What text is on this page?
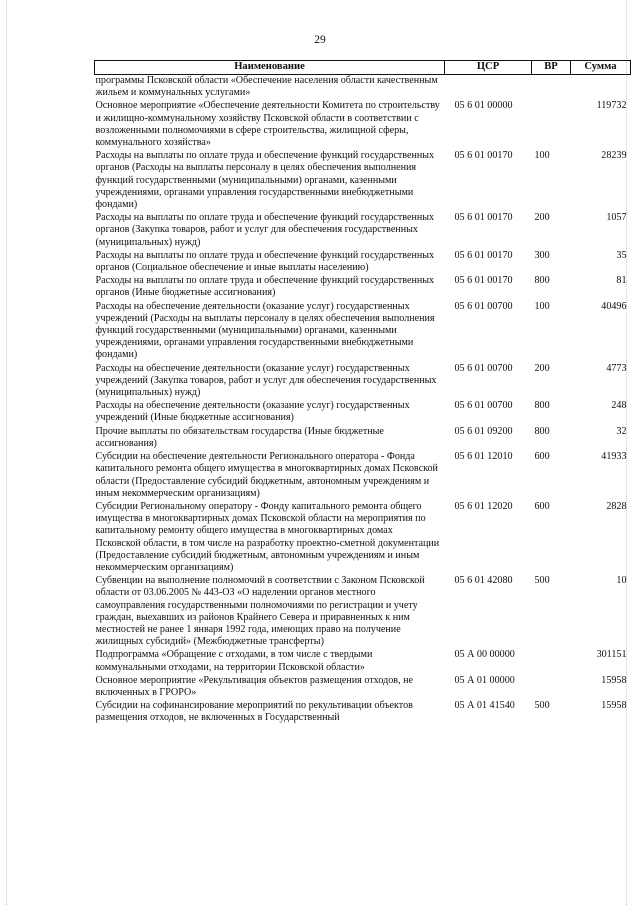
29
Наименование	ЦСР	ВР	Сумма
программы Псковской области «Обеспечение населения области качественным жильем и коммунальных услугами»			
Основное мероприятие «Обеспечение деятельности Комитета по строительству и жилищно-коммунальному хозяйству Псковской области в соответствии с возложенными полномочиями в сфере строительства, жилищной сферы, коммунального хозяйства»	05 6 01 00000		119732
Расходы на выплаты по оплате труда и обеспечение функций государственных органов (Расходы на выплаты персоналу в целях обеспечения выполнения функций государственными (муниципальными) органами, казенными учреждениями, органами управления государственными внебюджетными фондами)	05 6 01 00170	100	28239
Расходы на выплаты по оплате труда и обеспечение функций государственных органов (Закупка товаров, работ и услуг для обеспечения государственных (муниципальных) нужд)	05 6 01 00170	200	1057
Расходы на выплаты по оплате труда и обеспечение функций государственных органов (Социальное обеспечение и иные выплаты населению)	05 6 01 00170	300	35
Расходы на выплаты по оплате труда и обеспечение функций государственных органов (Иные бюджетные ассигнования)	05 6 01 00170	800	81
Расходы на обеспечение деятельности (оказание услуг) государственных учреждений (Расходы на выплаты персоналу в целях обеспечения выполнения функций государственными (муниципальными) органами, казенными учреждениями, органами управления государственными внебюджетными фондами)	05 6 01 00700	100	40496
Расходы на обеспечение деятельности (оказание услуг) государственных учреждений (Закупка товаров, работ и услуг для обеспечения государственных (муниципальных) нужд)	05 6 01 00700	200	4773
Расходы на обеспечение деятельности (оказание услуг) государственных учреждений (Иные бюджетные ассигнования)	05 6 01 00700	800	248
Прочие выплаты по обязательствам государства (Иные бюджетные ассигнования)	05 6 01 09200	800	32
Субсидии на обеспечение деятельности Регионального оператора - Фонда капитального ремонта общего имущества в многоквартирных домах Псковской области (Предоставление субсидий бюджетным, автономным учреждениям и иным некоммерческим организациям)	05 6 01 12010	600	41933
Субсидии Региональному оператору - Фонду капитального ремонта общего имущества в многоквартирных домах Псковской области на мероприятия по капитальному ремонту общего имущества в многоквартирных домах Псковской области, в том числе на разработку проектно-сметной документации (Предоставление субсидий бюджетным, автономным учреждениям и иным некоммерческим организациям)	05 6 01 12020	600	2828
Субвенции на выполнение полномочий в соответствии с Законом Псковской области от 03.06.2005 № 443-ОЗ «О наделении органов местного самоуправления государственными полномочиями по регистрации и учету граждан, выехавших из районов Крайнего Севера и приравненных к ним местностей не ранее 1 января 1992 года, имеющих право на получение жилищных субсидий» (Межбюджетные трансферты)	05 6 01 42080	500	10
Подпрограмма «Обращение с отходами, в том числе с твердыми коммунальными отходами, на территории Псковской области»	05 А 00 00000		301151
Основное мероприятие «Рекультивация объектов размещения отходов, не включенных в ГРОРО»	05 А 01 00000		15958
Субсидии на софинансирование мероприятий по рекультивации объектов размещения отходов, не включенных в Государственный	05 А 01 41540	500	15958
